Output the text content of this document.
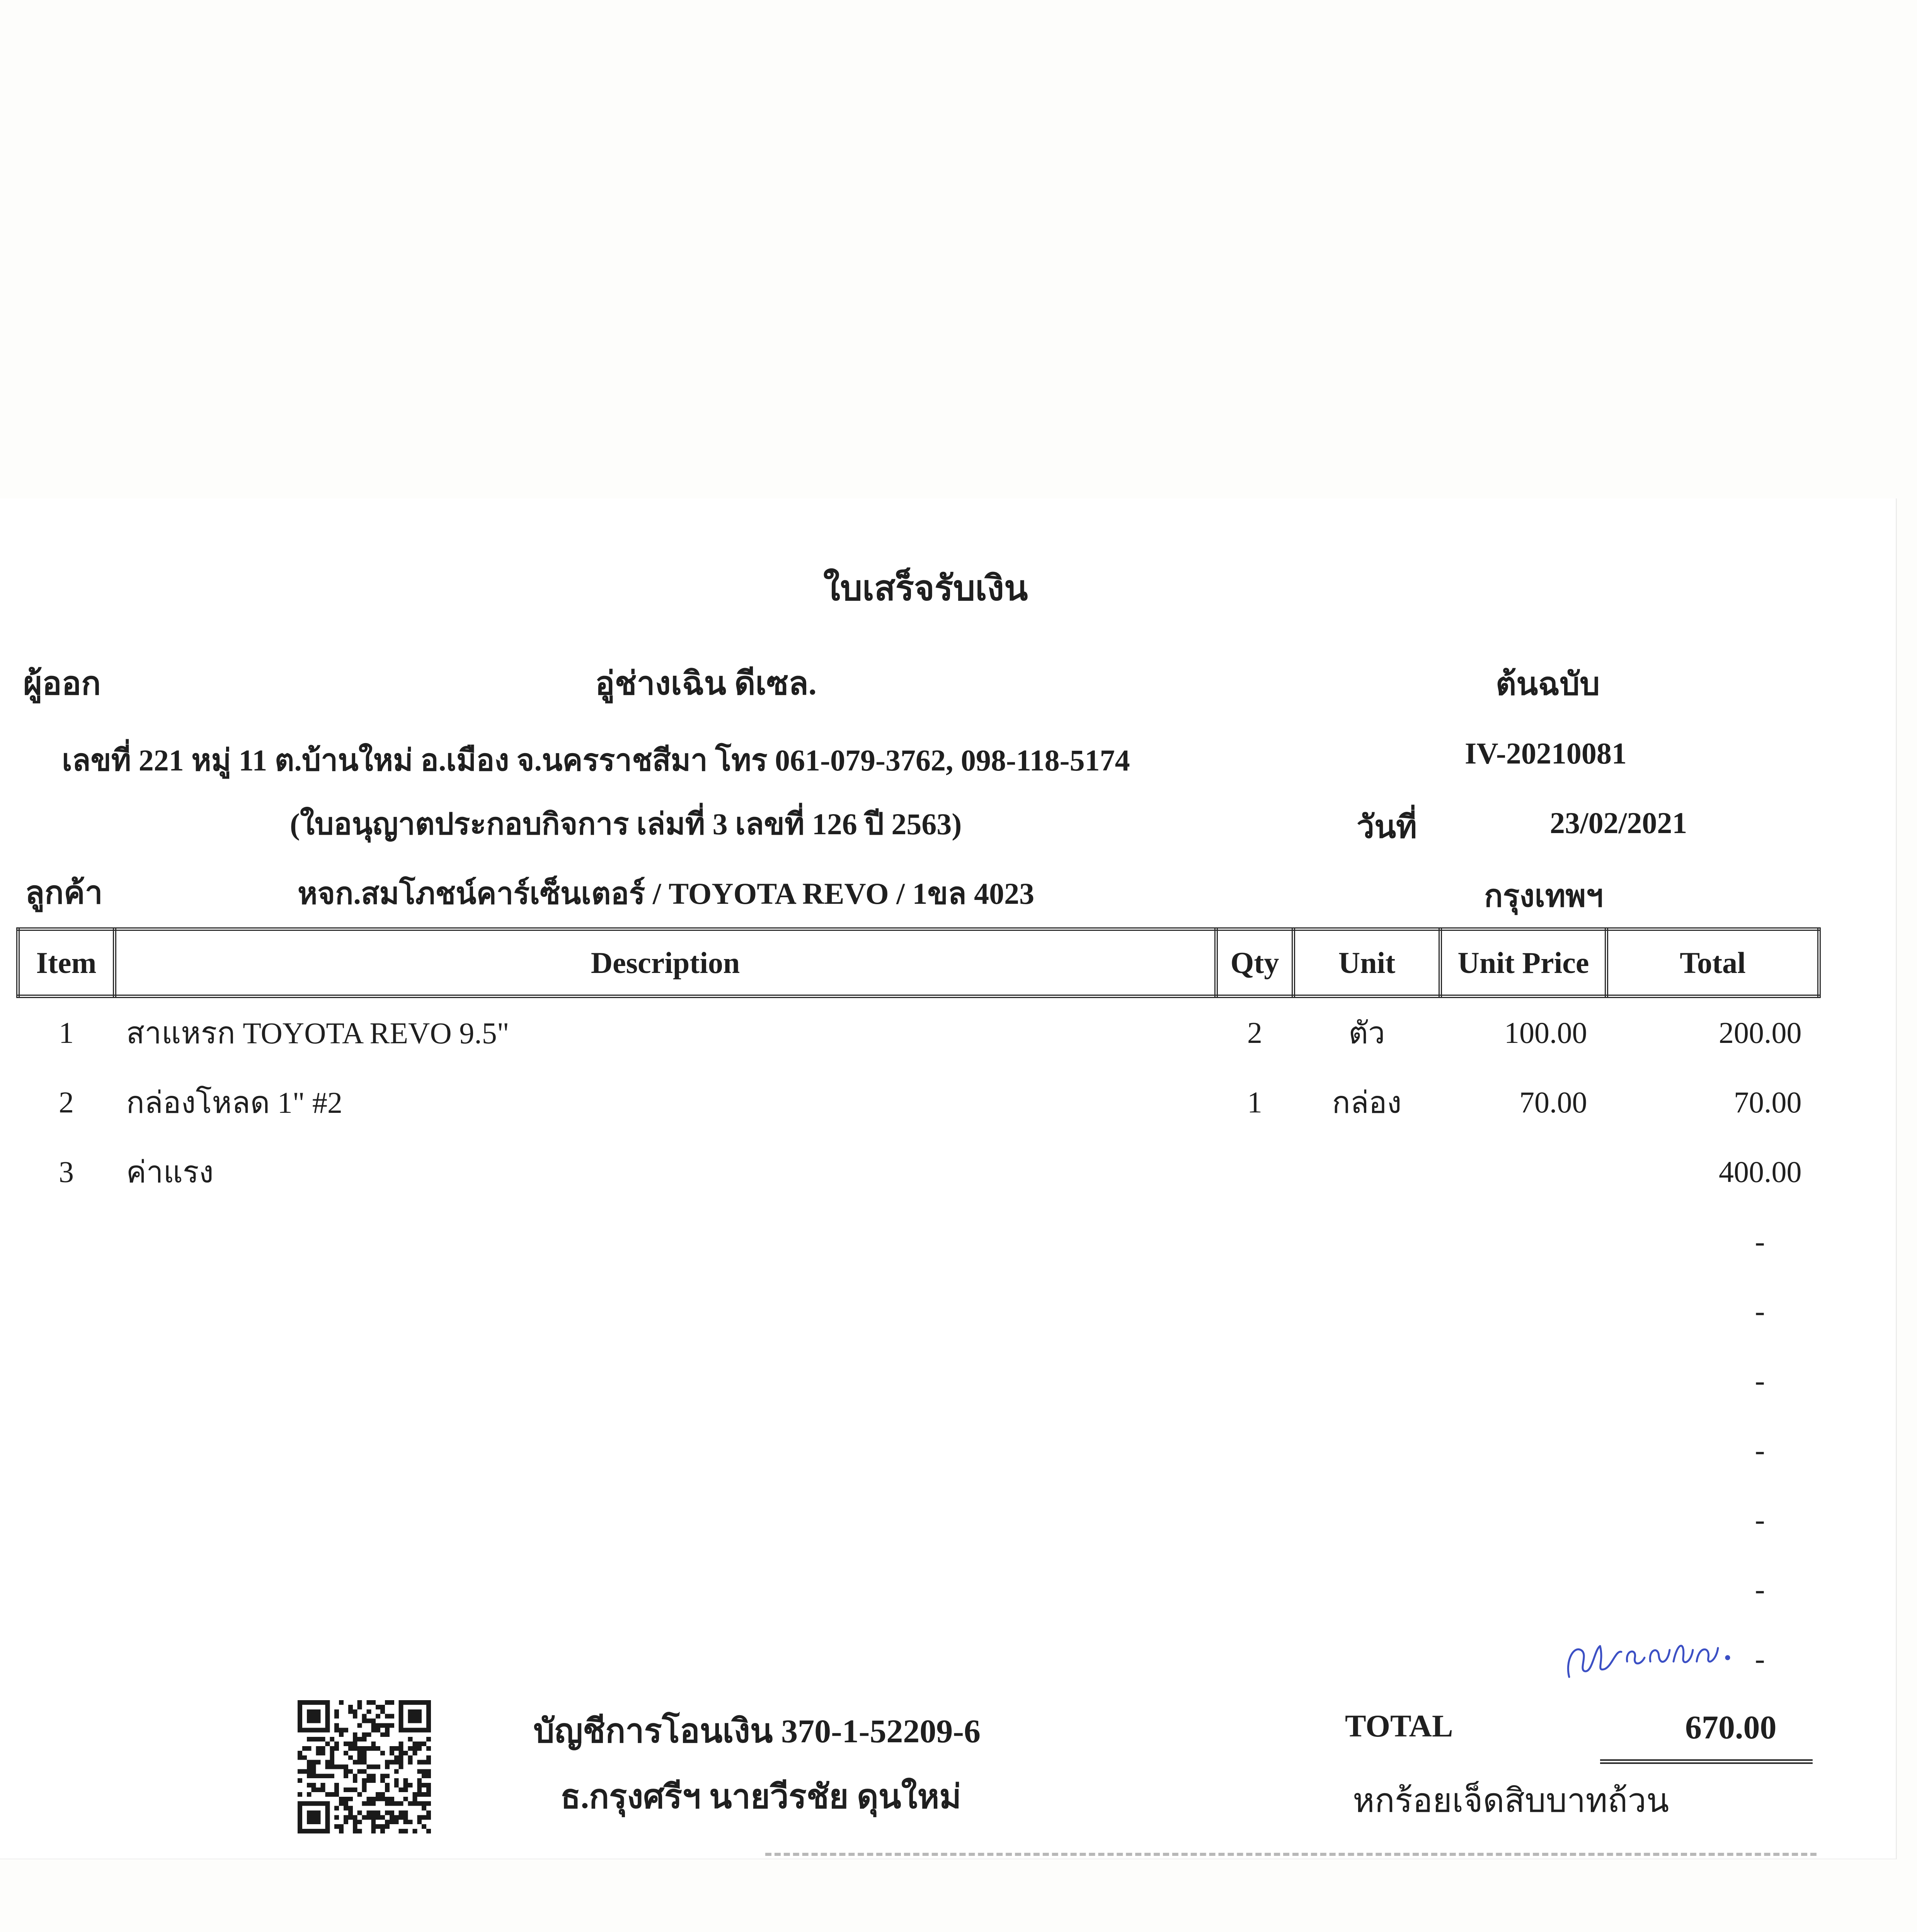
ใบเสร็จรับเงิน
ผู้ออก	อู่ช่างเฉิน ดีเซล.	ต้นฉบับ
เลขที่ 221 หมู่ 11 ต.บ้านใหม่ อ.เมือง จ.นครราชสีมา โทร 061-079-3762, 098-118-5174	IV-20210081
(ใบอนุญาตประกอบกิจการ เล่มที่ 3 เลขที่ 126 ปี 2563)	วันที่	23/02/2021
ลูกค้า	หจก.สมโภชน์คาร์เซ็นเตอร์ / TOYOTA REVO / 1ขล 4023	กรุงเทพฯ
Item	Description	Qty	Unit	Unit Price	Total
1	สาแหรก TOYOTA REVO 9.5"	2	ตัว	100.00	200.00
2	กล่องโหลด 1" #2	1	กล่อง	70.00	70.00
3	ค่าแรง				400.00
					-
					-
					-
					-
					-
					-
					-
บัญชีการโอนเงิน 370-1-52209-6
ธ.กรุงศรีฯ นายวีรชัย ดุนใหม่
TOTAL	670.00
หกร้อยเจ็ดสิบบาทถ้วน
